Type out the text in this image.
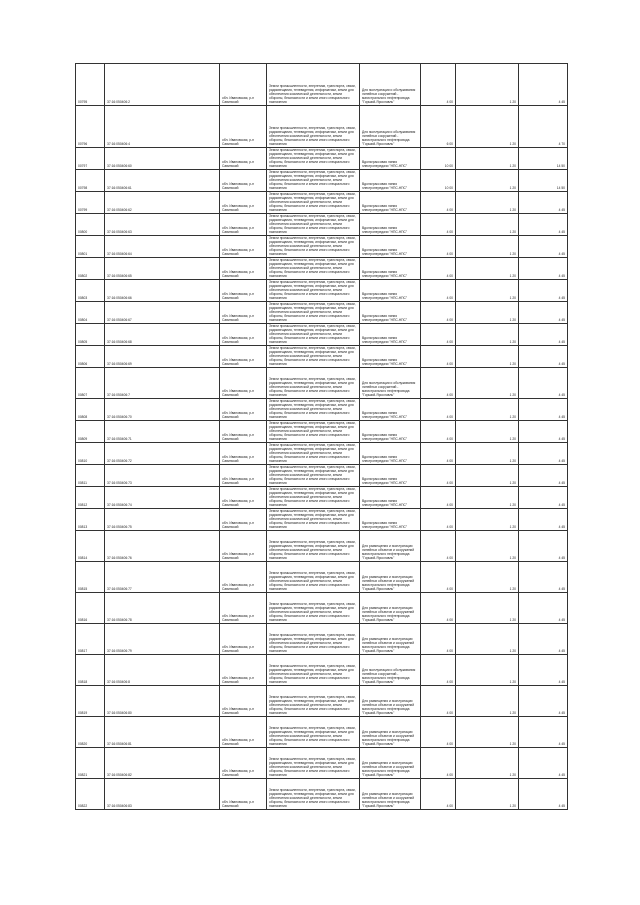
00795	37:16:050406:2	обл. Ивановская, р-н Савинский	Земли промышленности, энергетики, транспорта, связи, радиовещания, телевидения, информатики, земли для обеспечения космической деятельности, земли обороны, безопасности и земли иного специального назначения	Для эксплуатации и обслуживания линейных сооружений - магистрального нефтепровода "Горький-Ярославль"	4 00	1 20	4 45
00796	37:16:050406:4	обл. Ивановская, р-н Савинский	Земли промышленности, энергетики, транспорта, связи, радиовещания, телевидения, информатики, земли для обеспечения космической деятельности, земли обороны, безопасности и земли иного специального назначения	Для эксплуатации и обслуживания линейных сооружений - магистрального нефтепровода "Горький-Ярославль"	6 00	1 20	4 70
00797	37:16:050406:60	обл. Ивановская, р-н Савинский	Земли промышленности, энергетики, транспорта, связи, радиовещания, телевидения, информатики, земли для обеспечения космической деятельности, земли обороны, безопасности и земли иного специального назначения	Вдольтрассовая линия электропередачи "НПС-НПС"	10 00	1 20	14 50
00798	37:16:050406:61	обл. Ивановская, р-н Савинский	Земли промышленности, энергетики, транспорта, связи, радиовещания, телевидения, информатики, земли для обеспечения космической деятельности, земли обороны, безопасности и земли иного специального назначения	Вдольтрассовая линия электропередачи "НПС-НПС"	10 00	1 20	14 50
00799	37:16:050406:62	обл. Ивановская, р-н Савинский	Земли промышленности, энергетики, транспорта, связи, радиовещания, телевидения, информатики, земли для обеспечения космической деятельности, земли обороны, безопасности и земли иного специального назначения	Вдольтрассовая линия электропередачи "НПС-НПС"	4 00	1 20	4 45
00800	37:16:050406:63	обл. Ивановская, р-н Савинский	Земли промышленности, энергетики, транспорта, связи, радиовещания, телевидения, информатики, земли для обеспечения космической деятельности, земли обороны, безопасности и земли иного специального назначения	Вдольтрассовая линия электропередачи "НПС-НПС"	4 00	1 20	4 45
00801	37:16:050406:64	обл. Ивановская, р-н Савинский	Земли промышленности, энергетики, транспорта, связи, радиовещания, телевидения, информатики, земли для обеспечения космической деятельности, земли обороны, безопасности и земли иного специального назначения	Вдольтрассовая линия электропередачи "НПС-НПС"	4 00	1 20	4 45
00802	37:16:050406:65	обл. Ивановская, р-н Савинский	Земли промышленности, энергетики, транспорта, связи, радиовещания, телевидения, информатики, земли для обеспечения космической деятельности, земли обороны, безопасности и земли иного специального назначения	Вдольтрассовая линия электропередачи "НПС-НПС"	4 00	1 20	4 45
00803	37:16:050406:66	обл. Ивановская, р-н Савинский	Земли промышленности, энергетики, транспорта, связи, радиовещания, телевидения, информатики, земли для обеспечения космической деятельности, земли обороны, безопасности и земли иного специального назначения	Вдольтрассовая линия электропередачи "НПС-НПС"	4 00	1 20	4 45
00804	37:16:050406:67	обл. Ивановская, р-н Савинский	Земли промышленности, энергетики, транспорта, связи, радиовещания, телевидения, информатики, земли для обеспечения космической деятельности, земли обороны, безопасности и земли иного специального назначения	Вдольтрассовая линия электропередачи "НПС-НПС"	4 00	1 20	4 45
00805	37:16:050406:68	обл. Ивановская, р-н Савинский	Земли промышленности, энергетики, транспорта, связи, радиовещания, телевидения, информатики, земли для обеспечения космической деятельности, земли обороны, безопасности и земли иного специального назначения	Вдольтрассовая линия электропередачи "НПС-НПС"	4 00	1 20	4 45
00806	37:16:050406:69	обл. Ивановская, р-н Савинский	Земли промышленности, энергетики, транспорта, связи, радиовещания, телевидения, информатики, земли для обеспечения космической деятельности, земли обороны, безопасности и земли иного специального назначения	Вдольтрассовая линия электропередачи "НПС-НПС"	4 00	1 20	4 45
00807	37:16:050406:7	обл. Ивановская, р-н Савинский	Земли промышленности, энергетики, транспорта, связи, радиовещания, телевидения, информатики, земли для обеспечения космической деятельности, земли обороны, безопасности и земли иного специального назначения	Для эксплуатации и обслуживания линейных сооружений - магистрального нефтепровода "Горький-Ярославль"	4 00	1 20	4 45
00808	37:16:050406:70	обл. Ивановская, р-н Савинский	Земли промышленности, энергетики, транспорта, связи, радиовещания, телевидения, информатики, земли для обеспечения космической деятельности, земли обороны, безопасности и земли иного специального назначения	Вдольтрассовая линия электропередачи "НПС-НПС"	4 00	1 20	4 45
00809	37:16:050406:71	обл. Ивановская, р-н Савинский	Земли промышленности, энергетики, транспорта, связи, радиовещания, телевидения, информатики, земли для обеспечения космической деятельности, земли обороны, безопасности и земли иного специального назначения	Вдольтрассовая линия электропередачи "НПС-НПС"	4 00	1 20	4 45
00810	37:16:050406:72	обл. Ивановская, р-н Савинский	Земли промышленности, энергетики, транспорта, связи, радиовещания, телевидения, информатики, земли для обеспечения космической деятельности, земли обороны, безопасности и земли иного специального назначения	Вдольтрассовая линия электропередачи "НПС-НПС"	4 00	1 20	4 45
00811	37:16:050406:73	обл. Ивановская, р-н Савинский	Земли промышленности, энергетики, транспорта, связи, радиовещания, телевидения, информатики, земли для обеспечения космической деятельности, земли обороны, безопасности и земли иного специального назначения	Вдольтрассовая линия электропередачи "НПС-НПС"	4 00	1 20	4 45
00812	37:16:050406:74	обл. Ивановская, р-н Савинский	Земли промышленности, энергетики, транспорта, связи, радиовещания, телевидения, информатики, земли для обеспечения космической деятельности, земли обороны, безопасности и земли иного специального назначения	Вдольтрассовая линия электропередачи "НПС-НПС"	4 00	1 20	4 45
00813	37:16:050406:75	обл. Ивановская, р-н Савинский	Земли промышленности, энергетики, транспорта, связи, радиовещания, телевидения, информатики, земли для обеспечения космической деятельности, земли обороны, безопасности и земли иного специального назначения	Вдольтрассовая линия электропередачи "НПС-НПС"	4 00	1 20	4 45
00814	37:16:050406:76	обл. Ивановская, р-н Савинский	Земли промышленности, энергетики, транспорта, связи, радиовещания, телевидения, информатики, земли для обеспечения космической деятельности, земли обороны, безопасности и земли иного специального назначения	Для размещения и эксплуатации линейных объектов и сооружений магистрального нефтепровода "Горький-Ярославль"	4 00	1 20	4 45
00815	37:16:050406:77	обл. Ивановская, р-н Савинский	Земли промышленности, энергетики, транспорта, связи, радиовещания, телевидения, информатики, земли для обеспечения космической деятельности, земли обороны, безопасности и земли иного специального назначения	Для размещения и эксплуатации линейных объектов и сооружений магистрального нефтепровода "Горький-Ярославль"	4 00	1 20	4 45
00816	37:16:050406:78	обл. Ивановская, р-н Савинский	Земли промышленности, энергетики, транспорта, связи, радиовещания, телевидения, информатики, земли для обеспечения космической деятельности, земли обороны, безопасности и земли иного специального назначения	Для размещения и эксплуатации линейных объектов и сооружений магистрального нефтепровода "Горький-Ярославль"	4 00	1 20	4 45
00817	37:16:050406:79	обл. Ивановская, р-н Савинский	Земли промышленности, энергетики, транспорта, связи, радиовещания, телевидения, информатики, земли для обеспечения космической деятельности, земли обороны, безопасности и земли иного специального назначения	Для размещения и эксплуатации линейных объектов и сооружений магистрального нефтепровода "Горький-Ярославль"	4 00	1 20	4 45
00818	37:16:050406:8	обл. Ивановская, р-н Савинский	Земли промышленности, энергетики, транспорта, связи, радиовещания, телевидения, информатики, земли для обеспечения космической деятельности, земли обороны, безопасности и земли иного специального назначения	Для эксплуатации и обслуживания линейных сооружений - магистрального нефтепровода "Горький-Ярославль"	4 00	1 20	4 45
00819	37:16:050406:80	обл. Ивановская, р-н Савинский	Земли промышленности, энергетики, транспорта, связи, радиовещания, телевидения, информатики, земли для обеспечения космической деятельности, земли обороны, безопасности и земли иного специального назначения	Для размещения и эксплуатации линейных объектов и сооружений магистрального нефтепровода "Горький-Ярославль"	4 00	1 20	4 45
00820	37:16:050406:81	обл. Ивановская, р-н Савинский	Земли промышленности, энергетики, транспорта, связи, радиовещания, телевидения, информатики, земли для обеспечения космической деятельности, земли обороны, безопасности и земли иного специального назначения	Для размещения и эксплуатации линейных объектов и сооружений магистрального нефтепровода "Горький-Ярославль"	4 00	1 20	4 45
00821	37:16:050406:82	обл. Ивановская, р-н Савинский	Земли промышленности, энергетики, транспорта, связи, радиовещания, телевидения, информатики, земли для обеспечения космической деятельности, земли обороны, безопасности и земли иного специального назначения	Для размещения и эксплуатации линейных объектов и сооружений магистрального нефтепровода "Горький-Ярославль"	4 00	1 20	4 45
00822	37:16:050406:83	обл. Ивановская, р-н Савинский	Земли промышленности, энергетики, транспорта, связи, радиовещания, телевидения, информатики, земли для обеспечения космической деятельности, земли обороны, безопасности и земли иного специального назначения	Для размещения и эксплуатации линейных объектов и сооружений магистрального нефтепровода "Горький-Ярославль"	4 00	1 20	4 45
